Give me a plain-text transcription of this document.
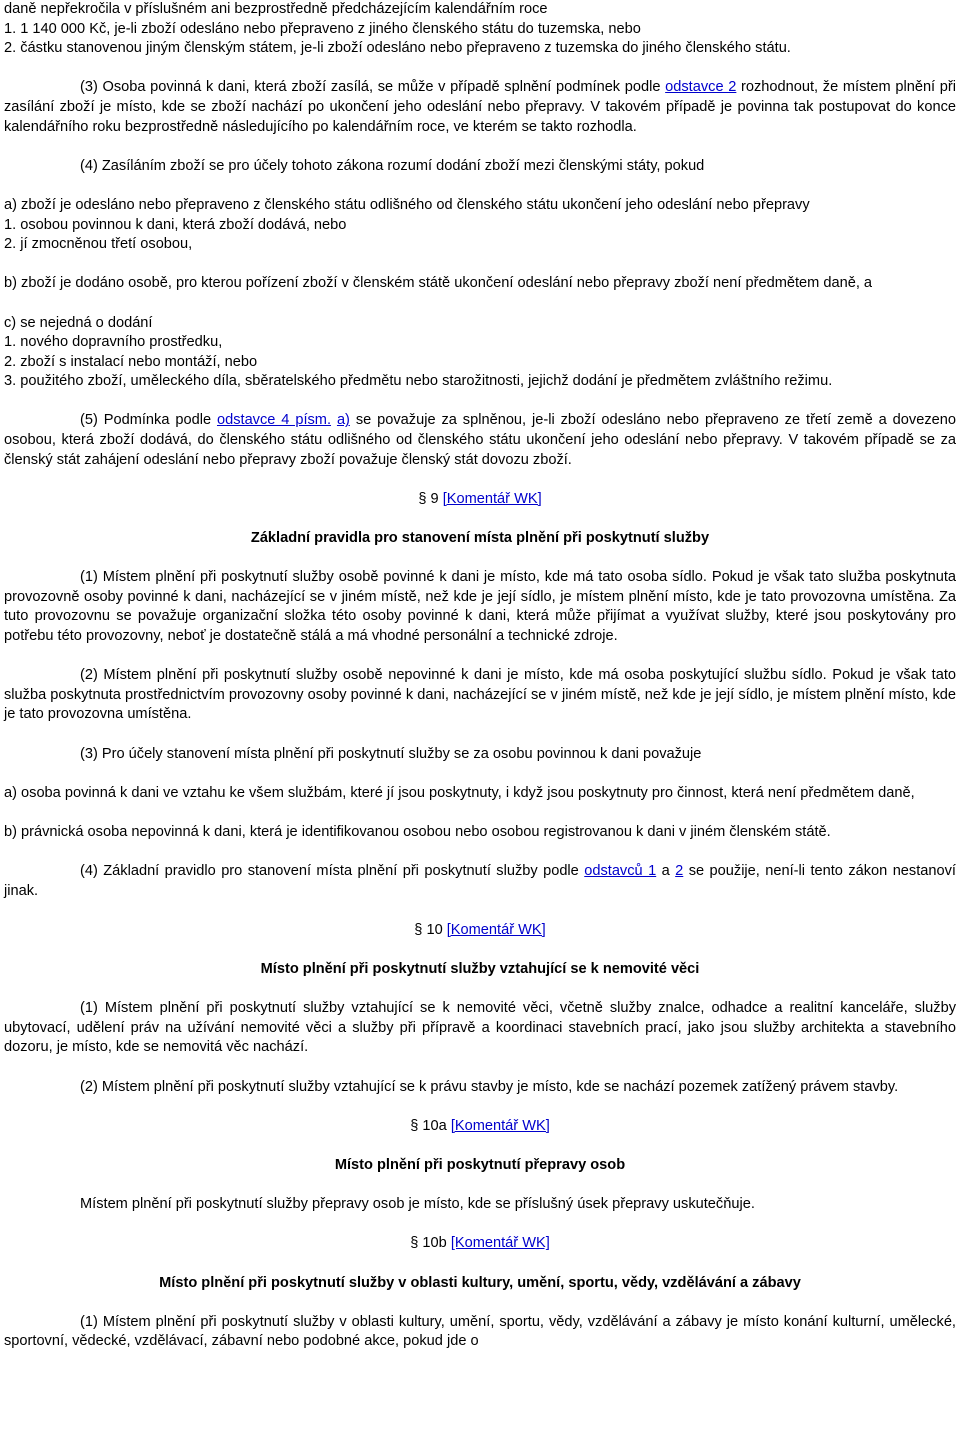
daně nepřekročila v příslušném ani bezprostředně předcházejícím kalendářním roce
1. 1 140 000 Kč, je-li zboží odesláno nebo přepraveno z jiného členského státu do tuzemska, nebo
2. částku stanovenou jiným členským státem, je-li zboží odesláno nebo přepraveno z tuzemska do jiného členského státu.

(3) Osoba povinná k dani, která zboží zasílá, se může v případě splnění podmínek podle odstavce 2 rozhodnout, že místem plnění při zasílání zboží je místo, kde se zboží nachází po ukončení jeho odeslání nebo přepravy. V takovém případě je povinna tak postupovat do konce kalendářního roku bezprostředně následujícího po kalendářním roce, ve kterém se takto rozhodla.

(4) Zasíláním zboží se pro účely tohoto zákona rozumí dodání zboží mezi členskými státy, pokud

a) zboží je odesláno nebo přepraveno z členského státu odlišného od členského státu ukončení jeho odeslání nebo přepravy

1. osobou povinnou k dani, která zboží dodává, nebo
2. jí zmocněnou třetí osobou,

b) zboží je dodáno osobě, pro kterou pořízení zboží v členském státě ukončení odeslání nebo přepravy zboží není předmětem daně, a

c) se nejedná o dodání
1. nového dopravního prostředku,
2. zboží s instalací nebo montáží, nebo

3. použitého zboží, uměleckého díla, sběratelského předmětu nebo starožitnosti, jejichž dodání je předmětem zvláštního režimu.

(5) Podmínka podle odstavce 4 písm. a) se považuje za splněnou, je-li zboží odesláno nebo přepraveno ze třetí země a dovezeno osobou, která zboží dodává, do členského státu odlišného od členského státu ukončení jeho odeslání nebo přepravy. V takovém případě se za členský stát zahájení odeslání nebo přepravy zboží považuje členský stát dovozu zboží.

§ 9 [Komentář WK]

Základní pravidla pro stanovení místa plnění při poskytnutí služby

(1) Místem plnění při poskytnutí služby osobě povinné k dani je místo, kde má tato osoba sídlo. Pokud je však tato služba poskytnuta provozovně osoby povinné k dani, nacházející se v jiném místě, než kde je její sídlo, je místem plnění místo, kde je tato provozovna umístěna. Za tuto provozovnu se považuje organizační složka této osoby povinné k dani, která může přijímat a využívat služby, které jsou poskytovány pro potřebu této provozovny, neboť je dostatečně stálá a má vhodné personální a technické zdroje.

(2) Místem plnění při poskytnutí služby osobě nepovinné k dani je místo, kde má osoba poskytující službu sídlo. Pokud je však tato služba poskytnuta prostřednictvím provozovny osoby povinné k dani, nacházející se v jiném místě, než kde je její sídlo, je místem plnění místo, kde je tato provozovna umístěna.

(3) Pro účely stanovení místa plnění při poskytnutí služby se za osobu povinnou k dani považuje

a) osoba povinná k dani ve vztahu ke všem službám, které jí jsou poskytnuty, i když jsou poskytnuty pro činnost, která není předmětem daně,

b) právnická osoba nepovinná k dani, která je identifikovanou osobou nebo osobou registrovanou k dani v jiném členském státě.

(4) Základní pravidlo pro stanovení místa plnění při poskytnutí služby podle odstavců 1 a 2 se použije, není-li tento zákon nestanoví jinak.

§ 10 [Komentář WK]

Místo plnění při poskytnutí služby vztahující se k nemovité věci

(1) Místem plnění při poskytnutí služby vztahující se k nemovité věci, včetně služby znalce, odhadce a realitní kanceláře, služby ubytovací, udělení práv na užívání nemovité věci a služby při přípravě a koordinaci stavebních prací, jako jsou služby architekta a stavebního dozoru, je místo, kde se nemovitá věc nachází.

(2) Místem plnění při poskytnutí služby vztahující se k právu stavby je místo, kde se nachází pozemek zatížený právem stavby.

§ 10a [Komentář WK]

Místo plnění při poskytnutí přepravy osob

Místem plnění při poskytnutí služby přepravy osob je místo, kde se příslušný úsek přepravy uskutečňuje.

§ 10b [Komentář WK]

Místo plnění při poskytnutí služby v oblasti kultury, umění, sportu, vědy, vzdělávání a zábavy

(1) Místem plnění při poskytnutí služby v oblasti kultury, umění, sportu, vědy, vzdělávání a zábavy je místo konání kulturní, umělecké, sportovní, vědecké, vzdělávací, zábavní nebo podobné akce, pokud jde o
